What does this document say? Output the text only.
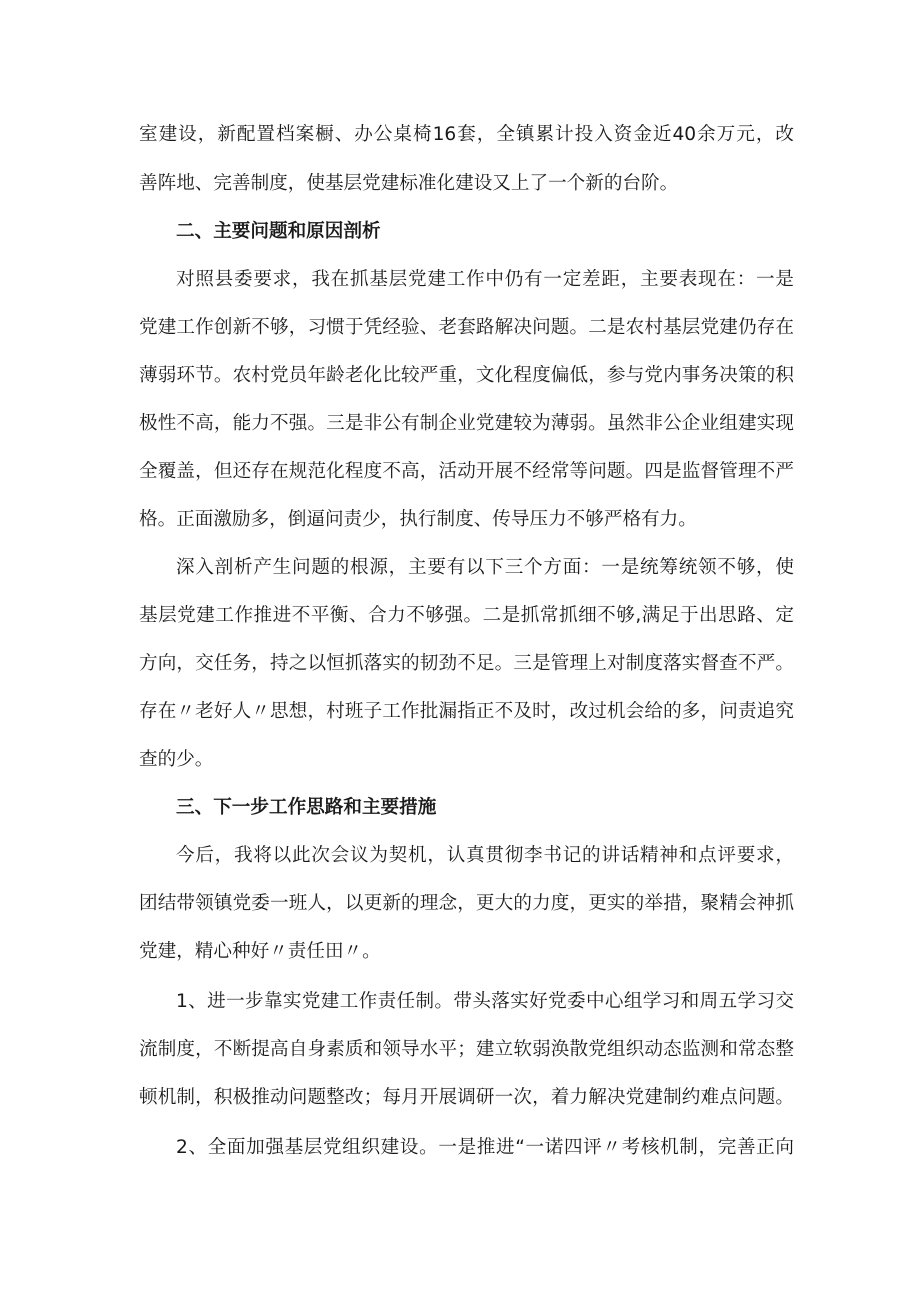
室建设，新配置档案橱、办公桌椅16套，全镇累计投入资金近40余万元，改
善阵地、完善制度，使基层党建标准化建设又上了一个新的台阶。
二、主要问题和原因剖析
对照县委要求，我在抓基层党建工作中仍有一定差距，主要表现在：一是
党建工作创新不够，习惯于凭经验、老套路解决问题。二是农村基层党建仍存在
薄弱环节。农村党员年龄老化比较严重，文化程度偏低，参与党内事务决策的积
极性不高，能力不强。三是非公有制企业党建较为薄弱。虽然非公企业组建实现
全覆盖，但还存在规范化程度不高，活动开展不经常等问题。四是监督管理不严
格。正面激励多，倒逼问责少，执行制度、传导压力不够严格有力。
深入剖析产生问题的根源，主要有以下三个方面：一是统筹统领不够，使
基层党建工作推进不平衡、合力不够强。二是抓常抓细不够,满足于出思路、定
方向，交任务，持之以恒抓落实的韧劲不足。三是管理上对制度落实督查不严。
存在〃老好人〃思想，村班子工作批漏指正不及时，改过机会给的多，问责追究
查的少。
三、下一步工作思路和主要措施
今后，我将以此次会议为契机，认真贯彻李书记的讲话精神和点评要求，
团结带领镇党委一班人，以更新的理念，更大的力度，更实的举措，聚精会神抓
党建，精心种好〃责任田〃。
1、进一步靠实党建工作责任制。带头落实好党委中心组学习和周五学习交
流制度，不断提高自身素质和领导水平；建立软弱涣散党组织动态监测和常态整
顿机制，积极推动问题整改；每月开展调研一次，着力解决党建制约难点问题。
2、全面加强基层党组织建设。一是推进“一诺四评〃考核机制，完善正向
